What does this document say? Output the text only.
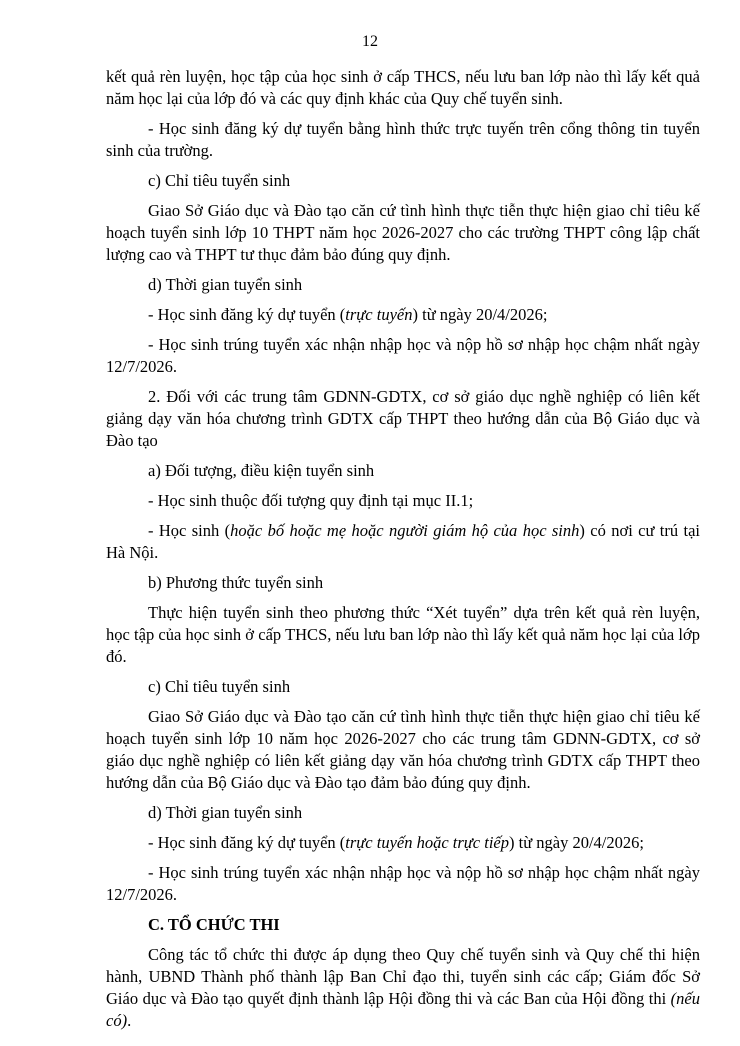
12

kết quả rèn luyện, học tập của học sinh ở cấp THCS, nếu lưu ban lớp nào thì lấy kết quả năm học lại của lớp đó và các quy định khác của Quy chế tuyển sinh.

- Học sinh đăng ký dự tuyển bằng hình thức trực tuyến trên cổng thông tin tuyển sinh của trường.

c) Chỉ tiêu tuyển sinh

Giao Sở Giáo dục và Đào tạo căn cứ tình hình thực tiễn thực hiện giao chỉ tiêu kế hoạch tuyển sinh lớp 10 THPT năm học 2026-2027 cho các trường THPT công lập chất lượng cao và THPT tư thục đảm bảo đúng quy định.

d) Thời gian tuyển sinh

- Học sinh đăng ký dự tuyển (trực tuyến) từ ngày 20/4/2026;

- Học sinh trúng tuyển xác nhận nhập học và nộp hồ sơ nhập học chậm nhất ngày 12/7/2026.

2. Đối với các trung tâm GDNN-GDTX, cơ sở giáo dục nghề nghiệp có liên kết giảng dạy văn hóa chương trình GDTX cấp THPT theo hướng dẫn của Bộ Giáo dục và Đào tạo

a) Đối tượng, điều kiện tuyển sinh

- Học sinh thuộc đối tượng quy định tại mục II.1;

- Học sinh (hoặc bố hoặc mẹ hoặc người giám hộ của học sinh) có nơi cư trú tại Hà Nội.

b) Phương thức tuyển sinh

Thực hiện tuyển sinh theo phương thức “Xét tuyển” dựa trên kết quả rèn luyện, học tập của học sinh ở cấp THCS, nếu lưu ban lớp nào thì lấy kết quả năm học lại của lớp đó.

c) Chỉ tiêu tuyển sinh

Giao Sở Giáo dục và Đào tạo căn cứ tình hình thực tiễn thực hiện giao chỉ tiêu kế hoạch tuyển sinh lớp 10 năm học 2026-2027 cho các trung tâm GDNN-GDTX, cơ sở giáo dục nghề nghiệp có liên kết giảng dạy văn hóa chương trình GDTX cấp THPT theo hướng dẫn của Bộ Giáo dục và Đào tạo đảm bảo đúng quy định.

d) Thời gian tuyển sinh

- Học sinh đăng ký dự tuyển (trực tuyến hoặc trực tiếp) từ ngày 20/4/2026;

- Học sinh trúng tuyển xác nhận nhập học và nộp hồ sơ nhập học chậm nhất ngày 12/7/2026.

C. TỔ CHỨC THI

Công tác tổ chức thi được áp dụng theo Quy chế tuyển sinh và Quy chế thi hiện hành, UBND Thành phố thành lập Ban Chỉ đạo thi, tuyển sinh các cấp; Giám đốc Sở Giáo dục và Đào tạo quyết định thành lập Hội đồng thi và các Ban của Hội đồng thi (nếu có).
